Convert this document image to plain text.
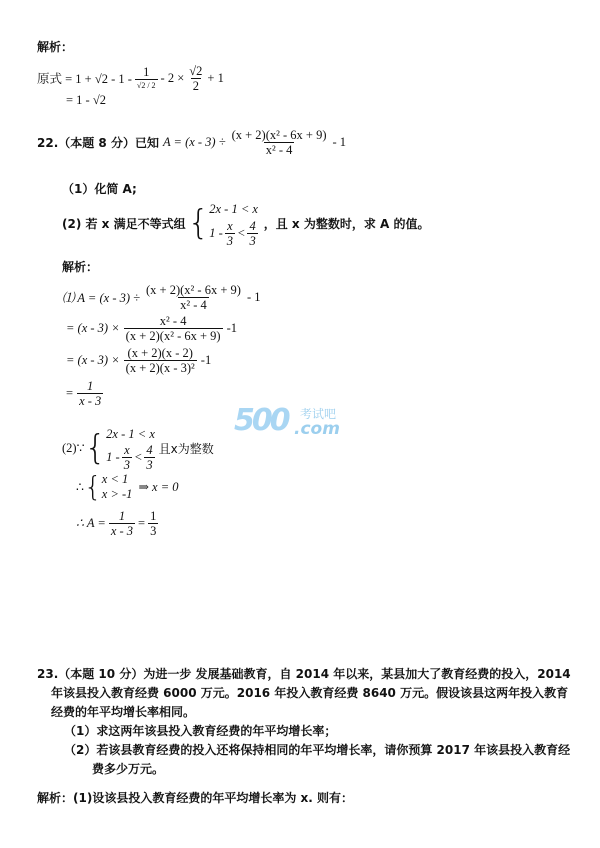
解析：
原式 = $1 + √2 - 1 - \frac{1}{√2 / 2} - 2 \times \frac{√2}{2} + 1$
= 1 - √2
22.（本题 8 分）已知 $A = (x - 3) \div \frac{\text{(x + 2)(x² - 6x + 9)}}{\text{x² - 4}} - 1$
（1）化简 A;
(2) 若 x 满足不等式组 { 2x - 1 < x
$1 - \frac{x}{3} < \frac{4}{3}$ ，且 x 为整数时，求 A 的值。
解析：
⑴ $A = (x - 3) \div \frac{\text{(x + 2)(x² - 6x + 9)}}{\text{x² - 4}} - 1$
= $(x - 3) \times \frac{\text{x² - 4}}{\text{(x + 2)(x² - 6x + 9)}} -1$
= $(x - 3) \times \frac{(x + 2)(x - 2)}{\text{(x + 2)(x - 3)²}} -1$
= $\frac{1}{x - 3}$
500 考试吧
.com
(2)∵ { 2x - 1 < x
$1 - \frac{x}{3} < \frac{4}{3}$ 且x为整数
∴ { x < 1
x > -1 ⇒ x = 0
∴ $A = \frac{1}{x - 3} = \frac{1}{3}$
23.（本题 10 分）为进一步 发展基础教育，自 2014 年以来，某县加大了教育经费的投入，2014
年该县投入教育经费 6000 万元。2016 年投入教育经费 8640 万元。假设该县这两年投入教育
经费的年平均增长率相同。
（1）求这两年该县投入教育经费的年平均增长率；
（2）若该县教育经费的投入还将保持相同的年平均增长率，请你预算 2017 年该县投入教育经
费多少万元。
解析：(1)设该县投入教育经费的年平均增长率为 x. 则有：
